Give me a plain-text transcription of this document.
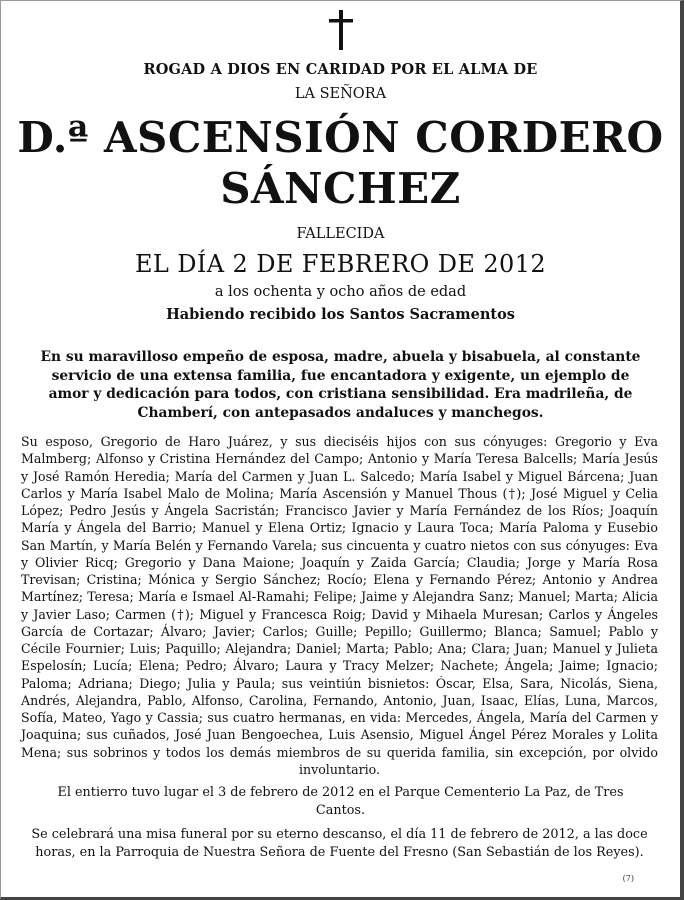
ROGAD A DIOS EN CARIDAD POR EL ALMA DE
LA SEÑORA
D.ª ASCENSIÓN CORDERO
SÁNCHEZ
FALLECIDA
EL DÍA 2 DE FEBRERO DE 2012
a los ochenta y ocho años de edad
Habiendo recibido los Santos Sacramentos
En su maravilloso empeño de esposa, madre, abuela y bisabuela, al constante servicio de una extensa familia, fue encantadora y exigente, un ejemplo de amor y dedicación para todos, con cristiana sensibilidad. Era madrileña, de Chamberí, con antepasados andaluces y manchegos.
Su esposo, Gregorio de Haro Juárez, y sus dieciséis hijos con sus cónyuges: Gregorio y Eva Malmberg; Alfonso y Cristina Hernández del Campo; Antonio y María Teresa Balcells; María Jesús y José Ramón Heredia; María del Carmen y Juan L. Salcedo; María Isabel y Miguel Bárcena; Juan Carlos y María Isabel Malo de Molina; María Ascensión y Manuel Thous (†); José Miguel y Celia López; Pedro Jesús y Ángela Sacristán; Francisco Javier y María Fernández de los Ríos; Joaquín María y Ángela del Barrio; Manuel y Elena Ortiz; Ignacio y Laura Toca; María Paloma y Eusebio San Martín, y María Belén y Fernando Varela; sus cincuenta y cuatro nietos con sus cónyuges: Eva y Olivier Ricq; Gregorio y Dana Maione; Joaquín y Zaida García; Claudia; Jorge y María Rosa Trevisan; Cristina; Mónica y Sergio Sánchez; Rocío; Elena y Fernando Pérez; Antonio y Andrea Martínez; Teresa; María e Ismael Al-Ramahi; Felipe; Jaime y Alejandra Sanz; Manuel; Marta; Alicia y Javier Laso; Carmen (†); Miguel y Francesca Roig; David y Mihaela Muresan; Carlos y Ángeles García de Cortazar; Álvaro; Javier; Carlos; Guille; Pepillo; Guillermo; Blanca; Samuel; Pablo y Cécile Fournier; Luis; Paquillo; Alejandra; Daniel; Marta; Pablo; Ana; Clara; Juan; Manuel y Julieta Espelosín; Lucía; Elena; Pedro; Álvaro; Laura y Tracy Melzer; Nachete; Ángela; Jaime; Ignacio; Paloma; Adriana; Diego; Julia y Paula; sus veintiún bisnietos: Óscar, Elsa, Sara, Nicolás, Siena, Andrés, Alejandra, Pablo, Alfonso, Carolina, Fernando, Antonio, Juan, Isaac, Elías, Luna, Marcos, Sofía, Mateo, Yago y Cassia; sus cuatro hermanas, en vida: Mercedes, Ángela, María del Carmen y Joaquina; sus cuñados, José Juan Bengoechea, Luis Asensio, Miguel Ángel Pérez Morales y Lolita Mena; sus sobrinos y todos los demás miembros de su querida familia, sin excepción, por olvido involuntario.
El entierro tuvo lugar el 3 de febrero de 2012 en el Parque Cementerio La Paz, de Tres Cantos.
Se celebrará una misa funeral por su eterno descanso, el día 11 de febrero de 2012, a las doce horas, en la Parroquia de Nuestra Señora de Fuente del Fresno (San Sebastián de los Reyes).
(7)
